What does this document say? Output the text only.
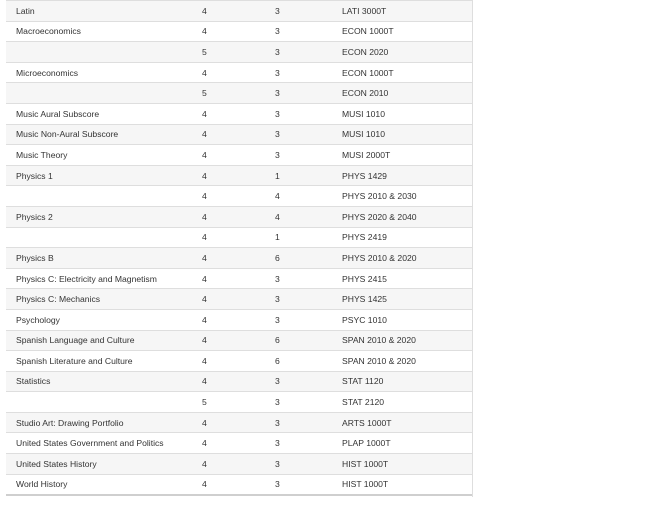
Latin	4	3	LATI 3000T
Macroeconomics	4	3	ECON 1000T
	5	3	ECON 2020
Microeconomics	4	3	ECON 1000T
	5	3	ECON 2010
Music Aural Subscore	4	3	MUSI 1010
Music Non-Aural Subscore	4	3	MUSI 1010
Music Theory	4	3	MUSI 2000T
Physics 1	4	1	PHYS 1429
	4	4	PHYS 2010 & 2030
Physics 2	4	4	PHYS 2020 & 2040
	4	1	PHYS 2419
Physics B	4	6	PHYS 2010 & 2020
Physics C: Electricity and Magnetism	4	3	PHYS 2415
Physics C: Mechanics	4	3	PHYS 1425
Psychology	4	3	PSYC 1010
Spanish Language and Culture	4	6	SPAN 2010 & 2020
Spanish Literature and Culture	4	6	SPAN 2010 & 2020
Statistics	4	3	STAT 1120
	5	3	STAT 2120
Studio Art: Drawing Portfolio	4	3	ARTS 1000T
United States Government and Politics	4	3	PLAP 1000T
United States History	4	3	HIST 1000T
World History	4	3	HIST 1000T
